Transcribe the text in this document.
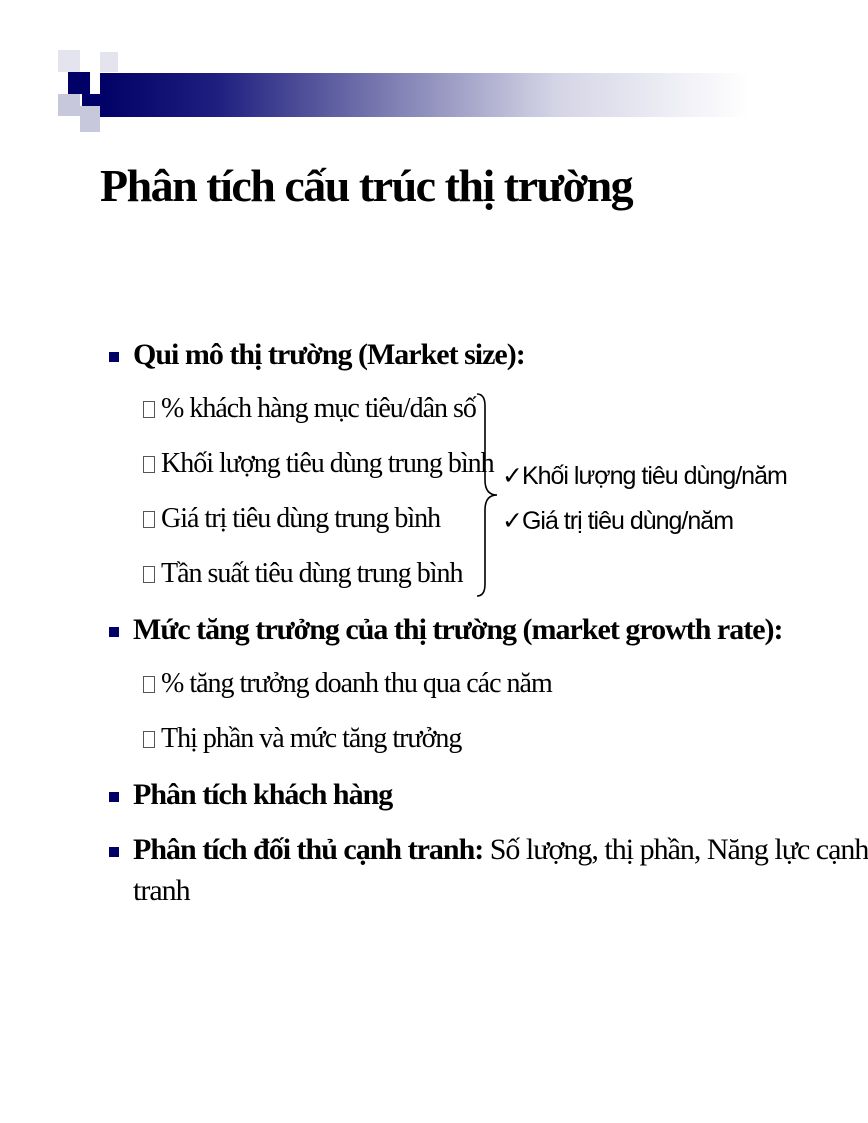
Phân tích cấu trúc thị trường
Qui mô thị trường (Market size):
% khách hàng mục tiêu/dân số
Khối lượng tiêu dùng trung bình
Giá trị tiêu dùng trung bình
Tần suất tiêu dùng trung bình
✓Khối lượng tiêu dùng/năm
✓Giá trị tiêu dùng/năm
Mức tăng trưởng của thị trường (market growth rate):
% tăng trưởng doanh thu qua các năm
Thị phần và mức tăng trưởng
Phân tích khách hàng
Phân tích đối thủ cạnh tranh: Số lượng, thị phần, Năng lực cạnh
tranh
